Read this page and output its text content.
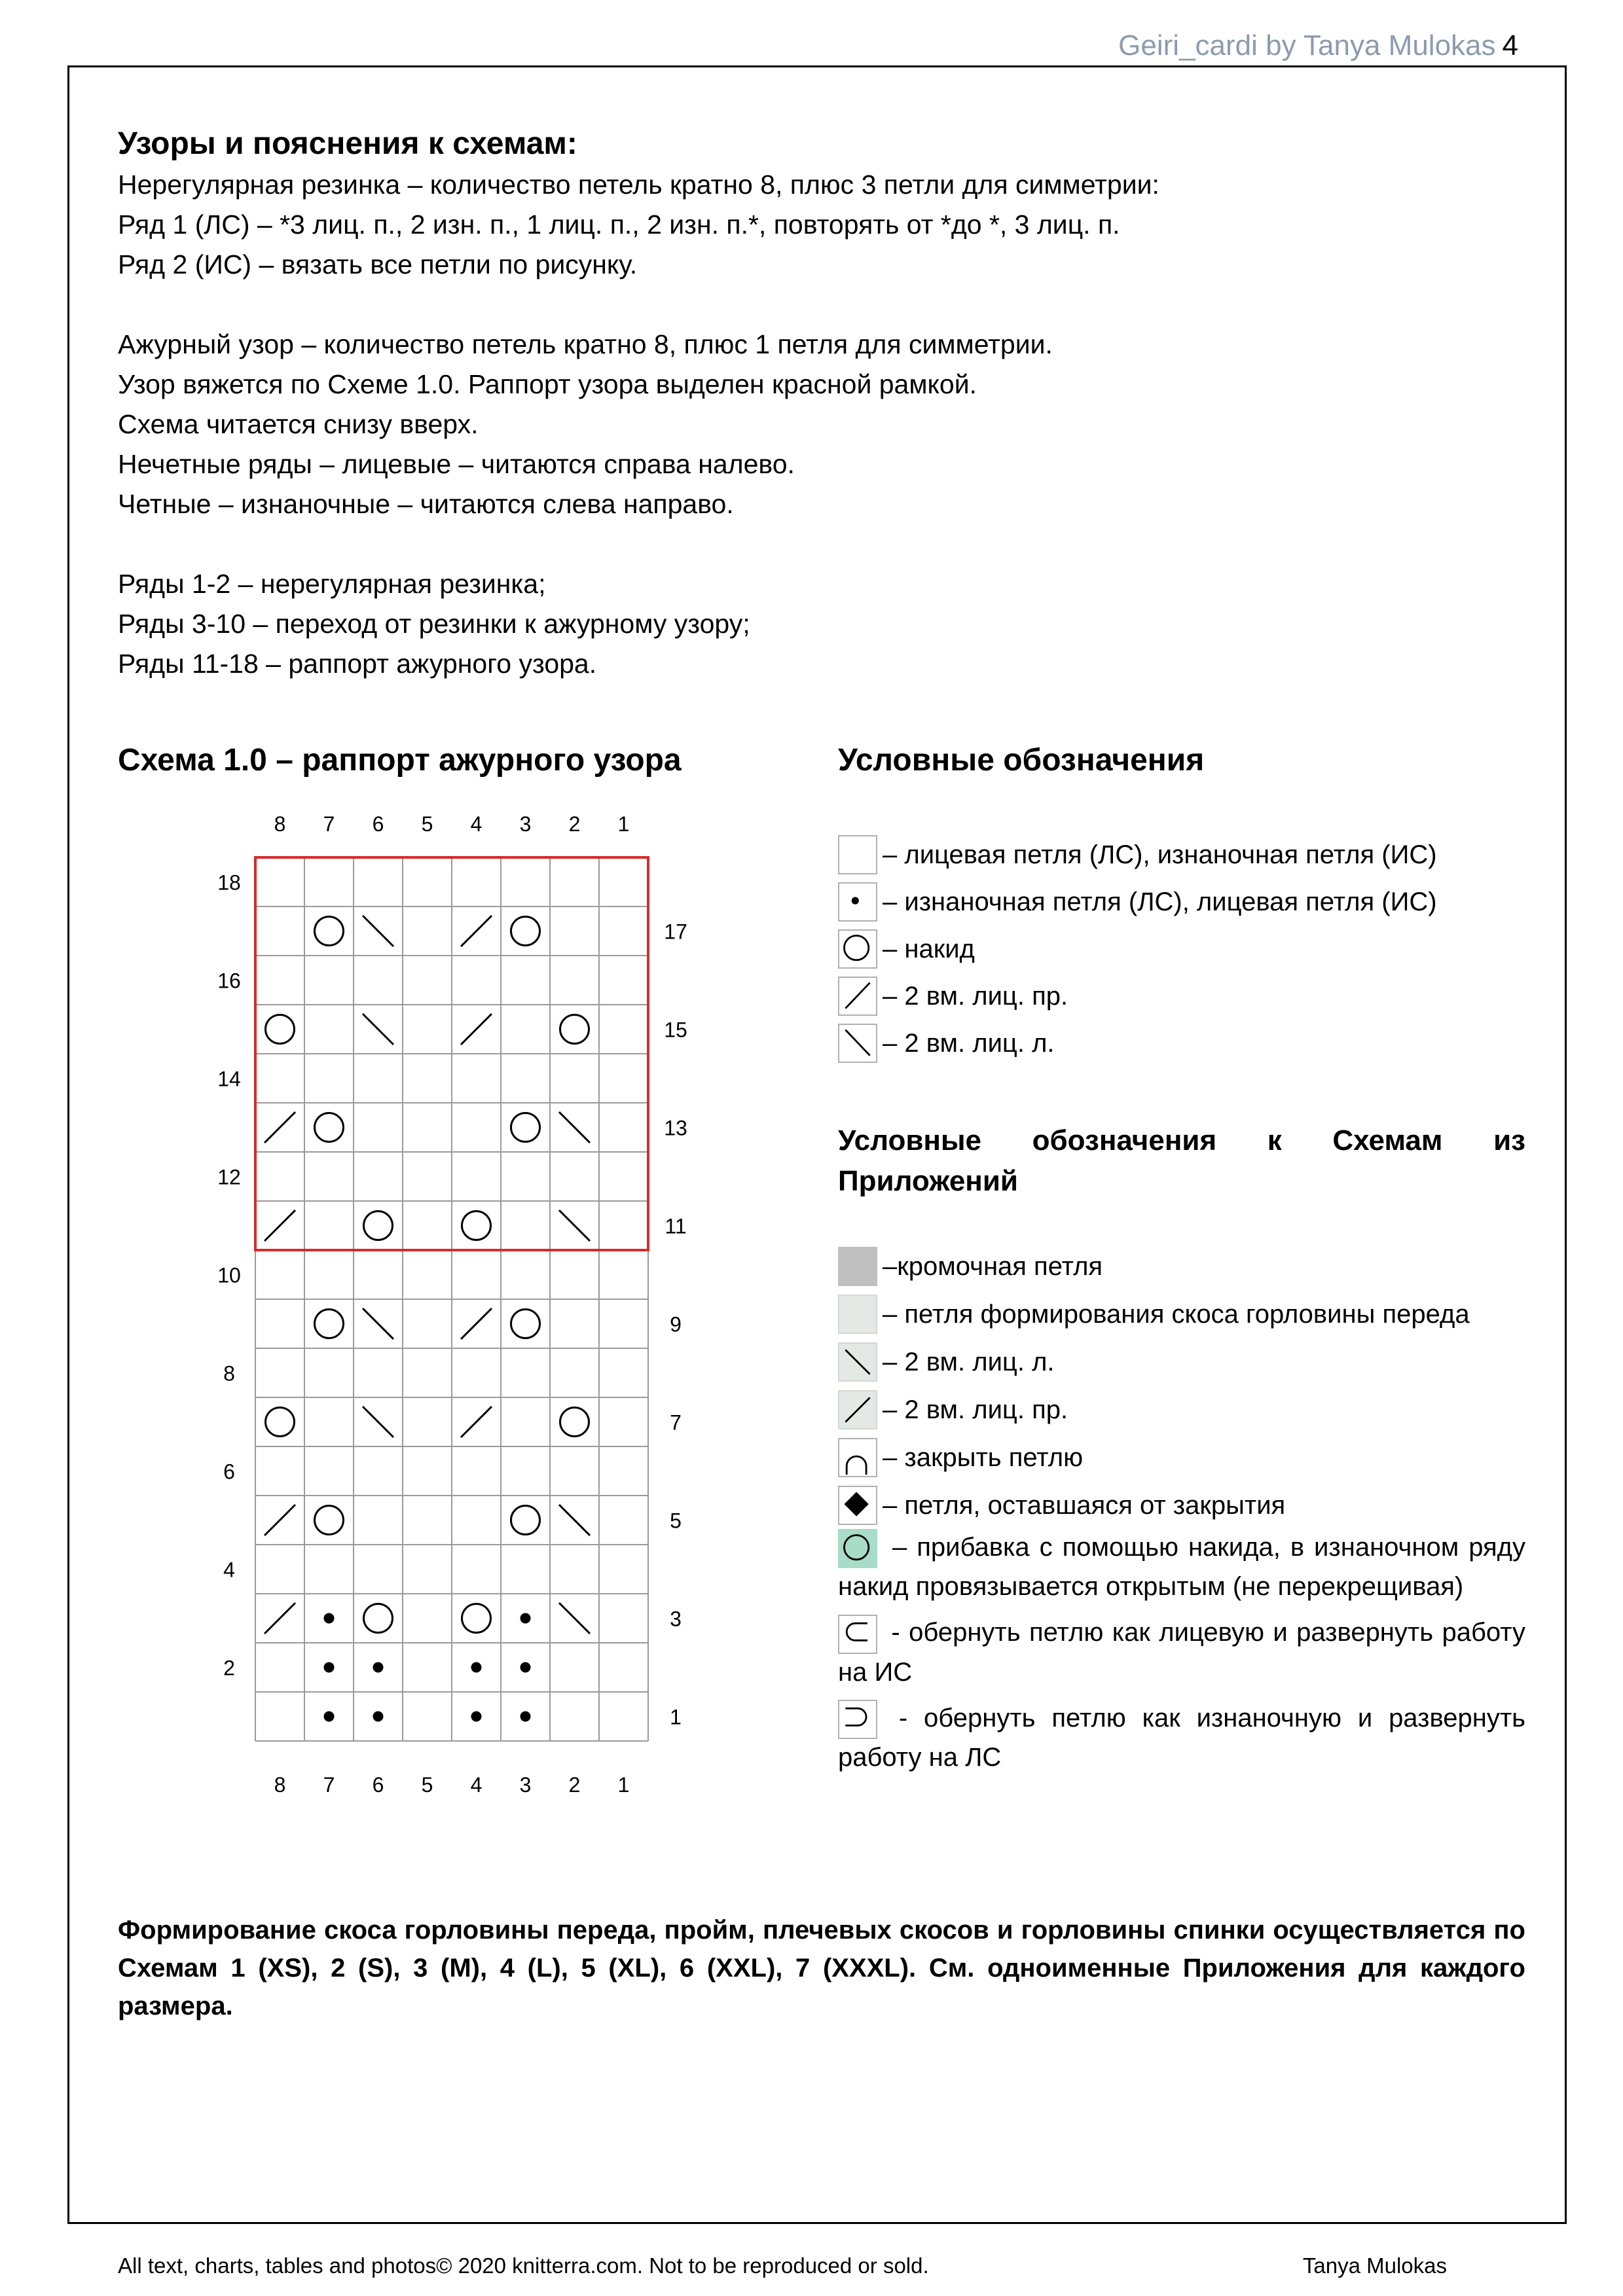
Geiri_cardi by Tanya Mulokas 4
Узоры и пояснения к схемам:

Нерегулярная резинка – количество петель кратно 8, плюс 3 петли для симметрии:

Ряд 1 (ЛС) – *3 лиц. п., 2 изн. п., 1 лиц. п., 2 изн. п.*, повторять от *до *, 3 лиц. п.

Ряд 2 (ИС) – вязать все петли по рисунку.

Ажурный узор – количество петель кратно 8, плюс 1 петля для симметрии.

Узор вяжется по Схеме 1.0. Раппорт узора выделен красной рамкой.

Схема читается снизу вверх.

Нечетные ряды – лицевые – читаются справа налево.

Четные – изнаночные – читаются слева направо.

Ряды 1-2 – нерегулярная резинка;

Ряды 3-10 – переход от резинки к ажурному узору;

Ряды 11-18 – раппорт ажурного узора.

Схема 1.0 – раппорт ажурного узора	Условные обозначения
8
8
7
7
6
6
5
5
4
4
3
3
2
2
1
1
18
17
16
15
14
13
12
11
10
9
8
7
6
5
4
3
2
1
– лицевая петля (ЛС), изнаночная петля (ИС)
– изнаночная петля (ЛС), лицевая петля (ИС)
– накид
– 2 вм. лиц. пр.
– 2 вм. лиц. л.
Условные обозначения к Схемам из Приложений
–кромочная петля
– петля формирования скоса горловины переда
– 2 вм. лиц. л.
– 2 вм. лиц. пр.
– закрыть петлю
– петля, оставшаяся от закрытия
– прибавка с помощью накида, в изнаночном ряду накид провязывается открытым (не перекрещивая)
- обернуть петлю как лицевую и развернуть работу на ИС
- обернуть петлю как изнаночную и развернуть работу на ЛС
Формирование скоса горловины переда, пройм, плечевых скосов и горловины спинки осуществляется по Схемам 1 (XS), 2 (S), 3 (M), 4 (L), 5 (XL), 6 (XXL), 7 (XXXL). См. одноименные Приложения для каждого размера.
All text, charts, tables and photos© 2020 knitterra.com. Not to be reproduced or sold.	Tanya Mulokas
